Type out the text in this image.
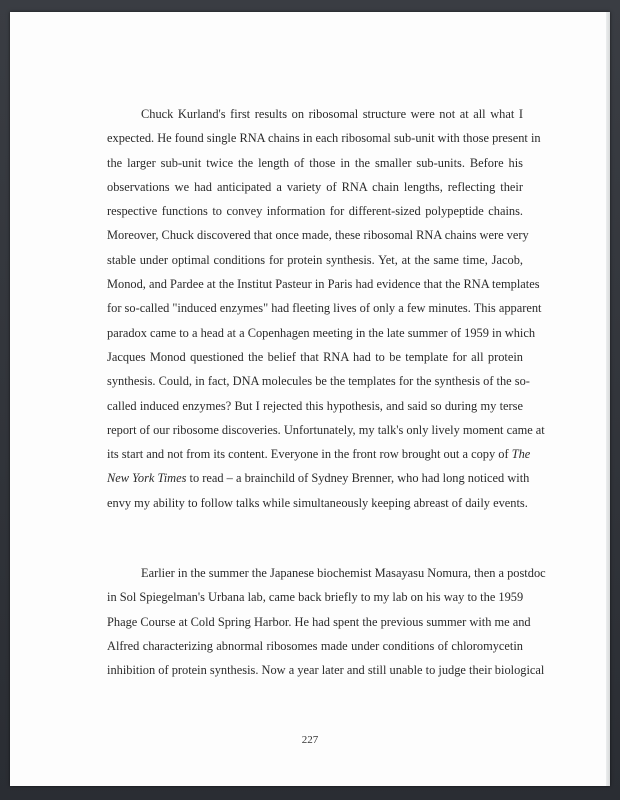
Chuck Kurland's first results on ribosomal structure were not at all what I
expected. He found single RNA chains in each ribosomal sub-unit with those present in
the larger sub-unit twice the length of those in the smaller sub-units. Before his
observations we had anticipated a variety of RNA chain lengths, reflecting their
respective functions to convey information for different-sized polypeptide chains.
Moreover, Chuck discovered that once made, these ribosomal RNA chains were very
stable under optimal conditions for protein synthesis. Yet, at the same time, Jacob,
Monod, and Pardee at the Institut Pasteur in Paris had evidence that the RNA templates
for so-called "induced enzymes" had fleeting lives of only a few minutes. This apparent
paradox came to a head at a Copenhagen meeting in the late summer of 1959 in which
Jacques Monod questioned the belief that RNA had to be template for all protein
synthesis. Could, in fact, DNA molecules be the templates for the synthesis of the so-
called induced enzymes? But I rejected this hypothesis, and said so during my terse
report of our ribosome discoveries. Unfortunately, my talk's only lively moment came at
its start and not from its content. Everyone in the front row brought out a copy of The
New York Times to read – a brainchild of Sydney Brenner, who had long noticed with
envy my ability to follow talks while simultaneously keeping abreast of daily events.
Earlier in the summer the Japanese biochemist Masayasu Nomura, then a postdoc
in Sol Spiegelman's Urbana lab, came back briefly to my lab on his way to the 1959
Phage Course at Cold Spring Harbor. He had spent the previous summer with me and
Alfred characterizing abnormal ribosomes made under conditions of chloromycetin
inhibition of protein synthesis. Now a year later and still unable to judge their biological
227
